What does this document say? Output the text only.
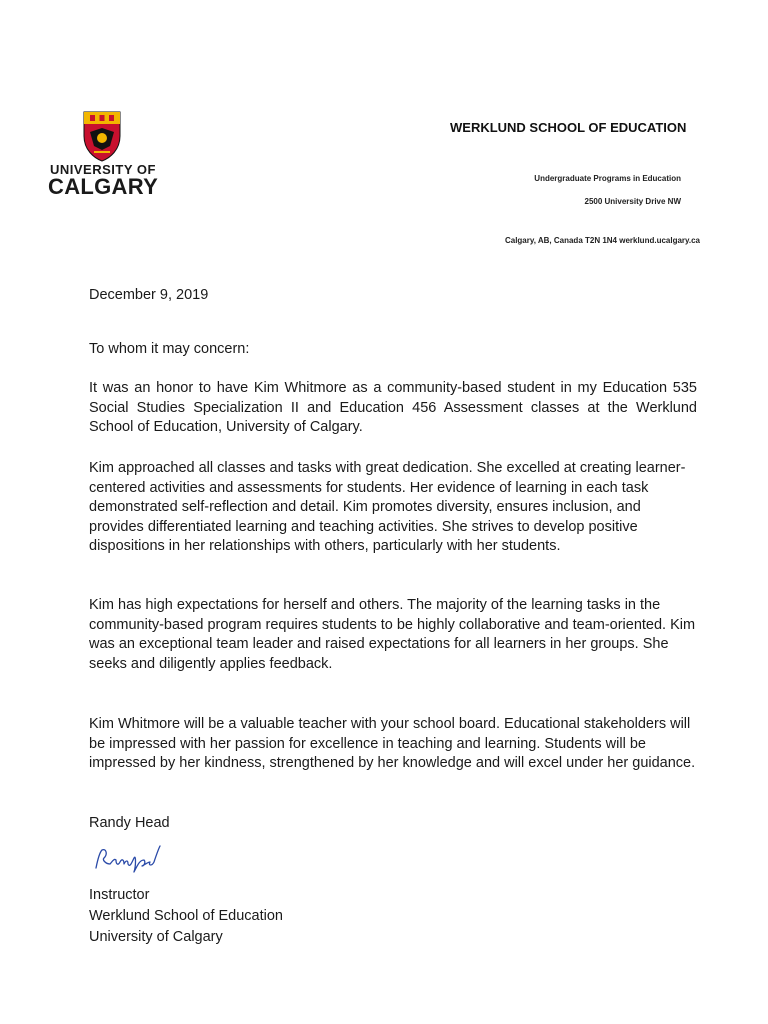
UNIVERSITY OF
CALGARY
WERKLUND SCHOOL OF EDUCATION
Undergraduate Programs in Education
2500 University Drive NW
Calgary, AB, Canada T2N 1N4 werklund.ucalgary.ca
December 9, 2019
To whom it may concern:
It was an honor to have Kim Whitmore as a community-based student in my Education 535 Social Studies Specialization II and Education 456 Assessment classes at the Werklund School of Education, University of Calgary.
Kim approached all classes and tasks with great dedication. She excelled at creating learner-centered activities and assessments for students. Her evidence of learning in each task demonstrated self-reflection and detail. Kim promotes diversity, ensures inclusion, and provides differentiated learning and teaching activities. She strives to develop positive dispositions in her relationships with others, particularly with her students.
Kim has high expectations for herself and others. The majority of the learning tasks in the community-based program requires students to be highly collaborative and team-oriented. Kim was an exceptional team leader and raised expectations for all learners in her groups. She seeks and diligently applies feedback.
Kim Whitmore will be a valuable teacher with your school board. Educational stakeholders will be impressed with her passion for excellence in teaching and learning. Students will be impressed by her kindness, strengthened by her knowledge and will excel under her guidance.
Randy Head

Instructor

Werklund School of Education

University of Calgary
